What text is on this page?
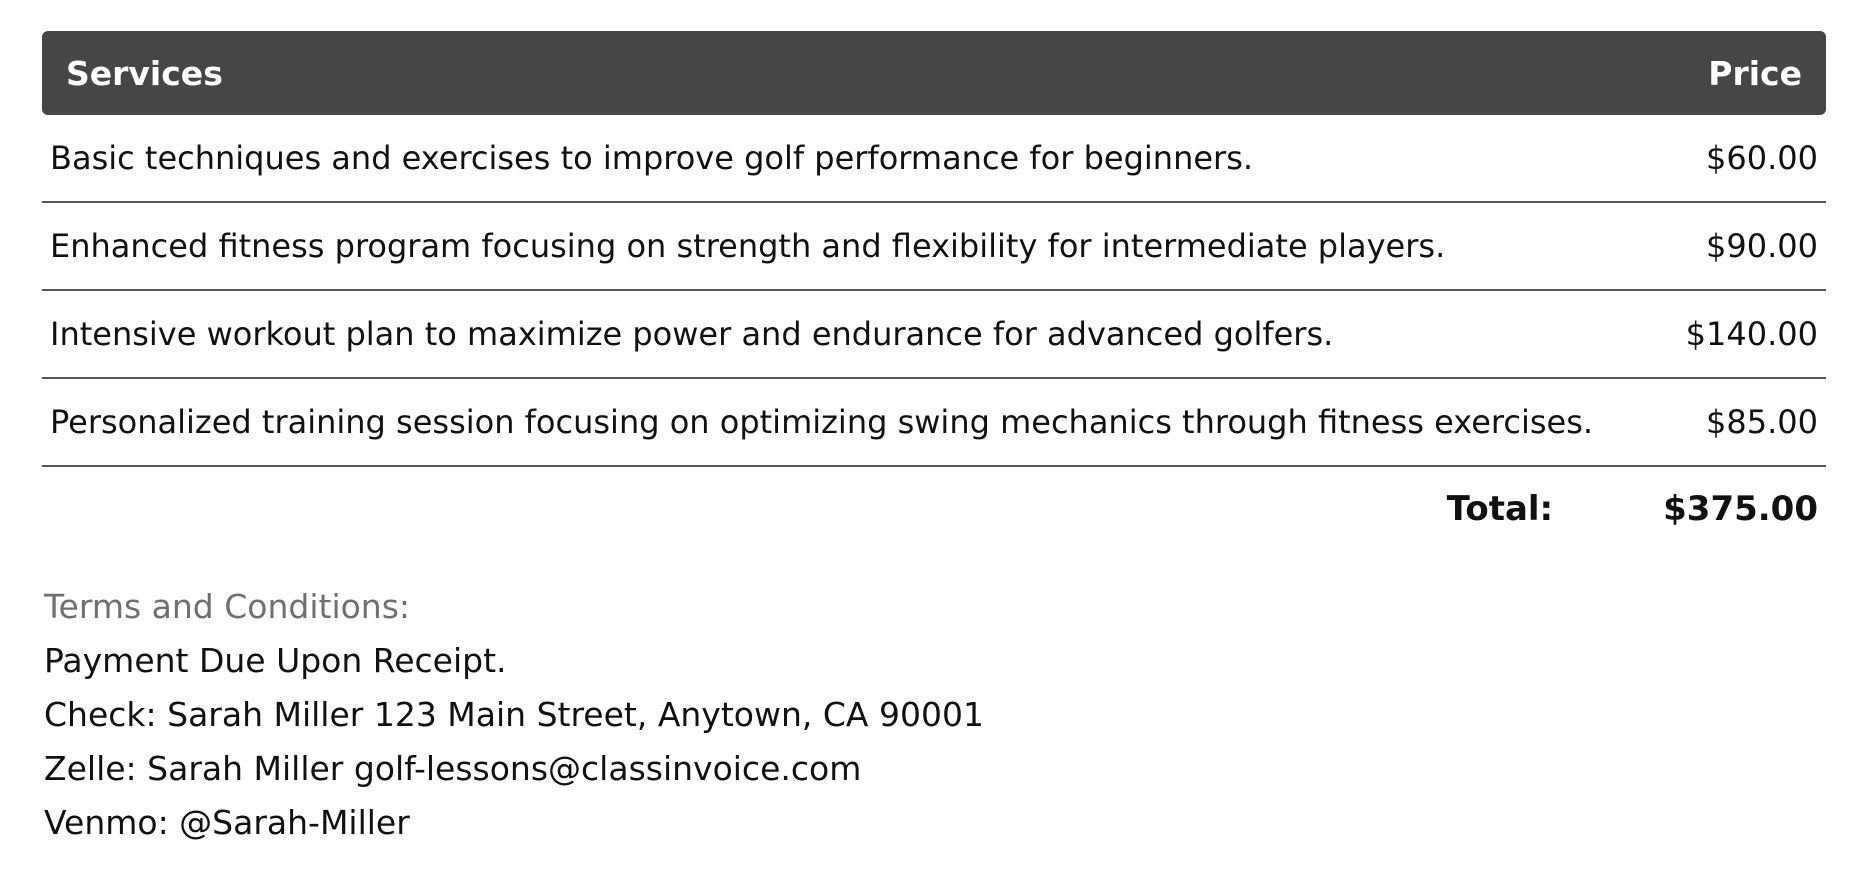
Services	Price
Basic techniques and exercises to improve golf performance for beginners.	$60.00
Enhanced fitness program focusing on strength and flexibility for intermediate players.	$90.00
Intensive workout plan to maximize power and endurance for advanced golfers.	$140.00
Personalized training session focusing on optimizing swing mechanics through fitness exercises.	$85.00
Total:	$375.00
Terms and Conditions:
Payment Due Upon Receipt.
Check: Sarah Miller 123 Main Street, Anytown, CA 90001
Zelle: Sarah Miller golf-lessons@classinvoice.com
Venmo: @Sarah-Miller
